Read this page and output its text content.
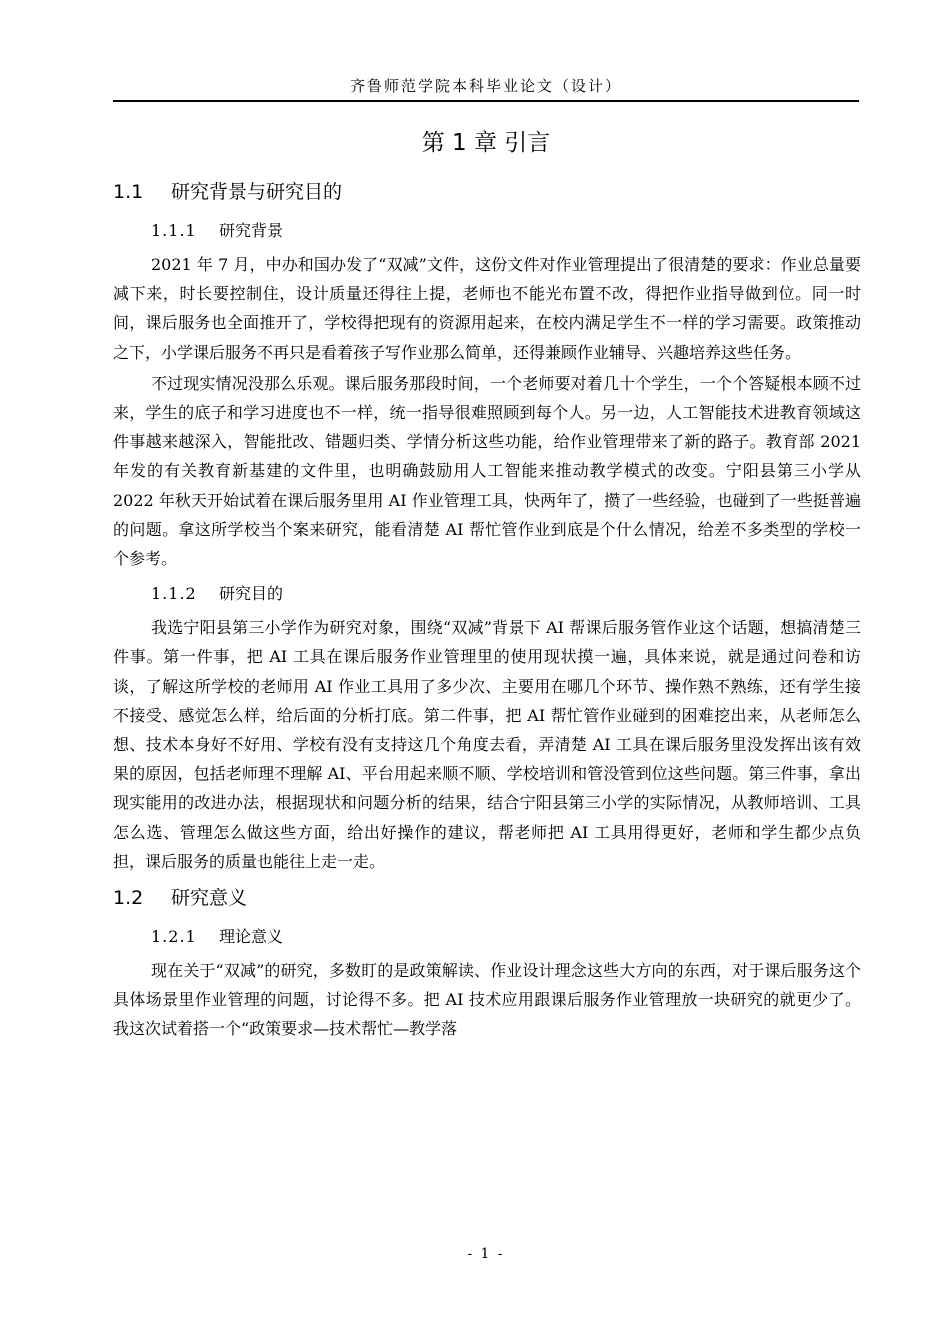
齐鲁师范学院本科毕业论文（设计）
第 1 章 引言
1.1 研究背景与研究目的
1.1.1 研究背景

2021 年 7 月，中办和国办发了“双减”文件，这份文件对作业管理提出了很清楚的要求：作业总量要减下来，时长要控制住，设计质量还得往上提，老师也不能光布置不改，得把作业指导做到位。同一时间，课后服务也全面推开了，学校得把现有的资源用起来，在校内满足学生不一样的学习需要。政策推动之下，小学课后服务不再只是看着孩子写作业那么简单，还得兼顾作业辅导、兴趣培养这些任务。

不过现实情况没那么乐观。课后服务那段时间，一个老师要对着几十个学生，一个个答疑根本顾不过来，学生的底子和学习进度也不一样，统一指导很难照顾到每个人。另一边，人工智能技术进教育领域这件事越来越深入，智能批改、错题归类、学情分析这些功能，给作业管理带来了新的路子。教育部 2021 年发的有关教育新基建的文件里，也明确鼓励用人工智能来推动教学模式的改变。宁阳县第三小学从 2022 年秋天开始试着在课后服务里用 AI 作业管理工具，快两年了，攒了一些经验，也碰到了一些挺普遍的问题。拿这所学校当个案来研究，能看清楚 AI 帮忙管作业到底是个什么情况，给差不多类型的学校一个参考。

1.1.2 研究目的

我选宁阳县第三小学作为研究对象，围绕“双减”背景下 AI 帮课后服务管作业这个话题，想搞清楚三件事。第一件事，把 AI 工具在课后服务作业管理里的使用现状摸一遍，具体来说，就是通过问卷和访谈，了解这所学校的老师用 AI 作业工具用了多少次、主要用在哪几个环节、操作熟不熟练，还有学生接不接受、感觉怎么样，给后面的分析打底。第二件事，把 AI 帮忙管作业碰到的困难挖出来，从老师怎么想、技术本身好不好用、学校有没有支持这几个角度去看，弄清楚 AI 工具在课后服务里没发挥出该有效果的原因，包括老师理不理解 AI、平台用起来顺不顺、学校培训和管没管到位这些问题。第三件事，拿出现实能用的改进办法，根据现状和问题分析的结果，结合宁阳县第三小学的实际情况，从教师培训、工具怎么选、管理怎么做这些方面，给出好操作的建议，帮老师把 AI 工具用得更好，老师和学生都少点负担，课后服务的质量也能往上走一走。

1.2 研究意义
1.2.1 理论意义

现在关于“双减”的研究，多数盯的是政策解读、作业设计理念这些大方向的东西，对于课后服务这个具体场景里作业管理的问题，讨论得不多。把 AI 技术应用跟课后服务作业管理放一块研究的就更少了。我这次试着搭一个“政策要求—技术帮忙—教学落

- 1 -
